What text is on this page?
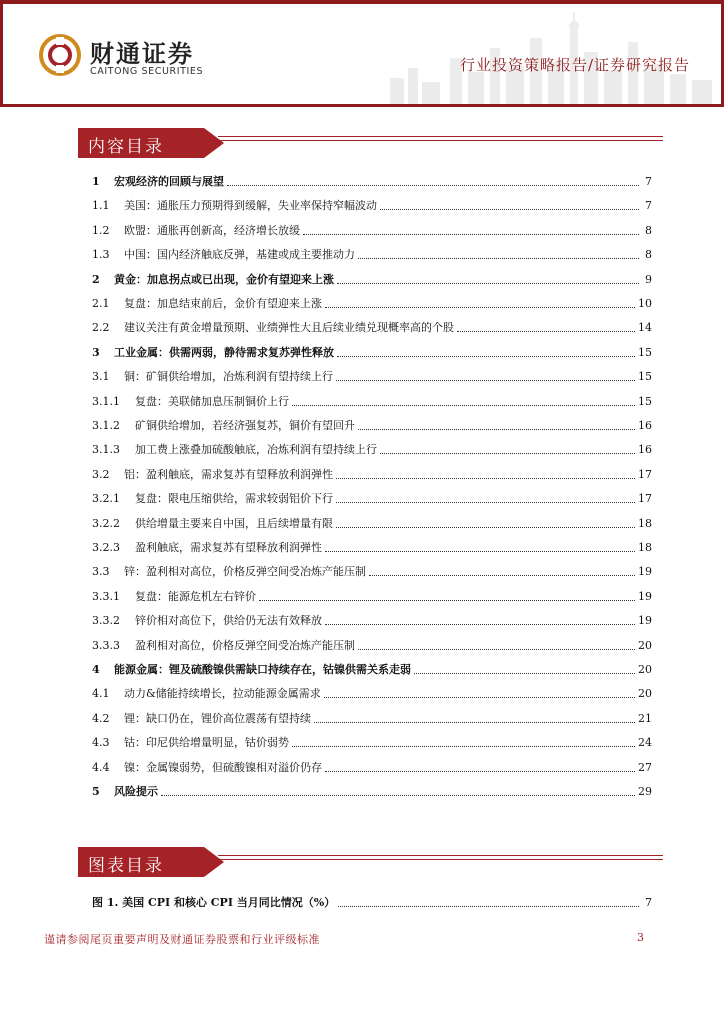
财通证券
CAITONG SECURITIES	行业投资策略报告/证券研究报告
内容目录
1	宏观经济的回顾与展望	7
1.1	美国：通胀压力预期得到缓解，失业率保持窄幅波动	7
1.2	欧盟：通胀再创新高，经济增长放缓	8
1.3	中国：国内经济触底反弹，基建或成主要推动力	8
2	黄金：加息拐点或已出现，金价有望迎来上涨	9
2.1	复盘：加息结束前后，金价有望迎来上涨	10
2.2	建议关注有黄金增量预期、业绩弹性大且后续业绩兑现概率高的个股	14
3	工业金属：供需两弱，静待需求复苏弹性释放	15
3.1	铜：矿铜供给增加，冶炼利润有望持续上行	15
3.1.1	复盘：美联储加息压制铜价上行	15
3.1.2	矿铜供给增加，若经济强复苏，铜价有望回升	16
3.1.3	加工费上涨叠加硫酸触底，冶炼利润有望持续上行	16
3.2	铝：盈利触底，需求复苏有望释放利润弹性	17
3.2.1	复盘：限电压缩供给，需求较弱铝价下行	17
3.2.2	供给增量主要来自中国，且后续增量有限	18
3.2.3	盈利触底，需求复苏有望释放利润弹性	18
3.3	锌：盈利相对高位，价格反弹空间受冶炼产能压制	19
3.3.1	复盘：能源危机左右锌价	19
3.3.2	锌价相对高位下，供给仍无法有效释放	19
3.3.3	盈利相对高位，价格反弹空间受冶炼产能压制	20
4	能源金属：锂及硫酸镍供需缺口持续存在，钴镍供需关系走弱	20
4.1	动力&储能持续增长，拉动能源金属需求	20
4.2	锂：缺口仍在，锂价高位震荡有望持续	21
4.3	钴：印尼供给增量明显，钴价弱势	24
4.4	镍：金属镍弱势，但硫酸镍相对溢价仍存	27
5	风险提示	29
图表目录
图 1. 美国 CPI 和核心 CPI 当月同比情况（%）	7
谨请参阅尾页重要声明及财通证券股票和行业评级标准	3
